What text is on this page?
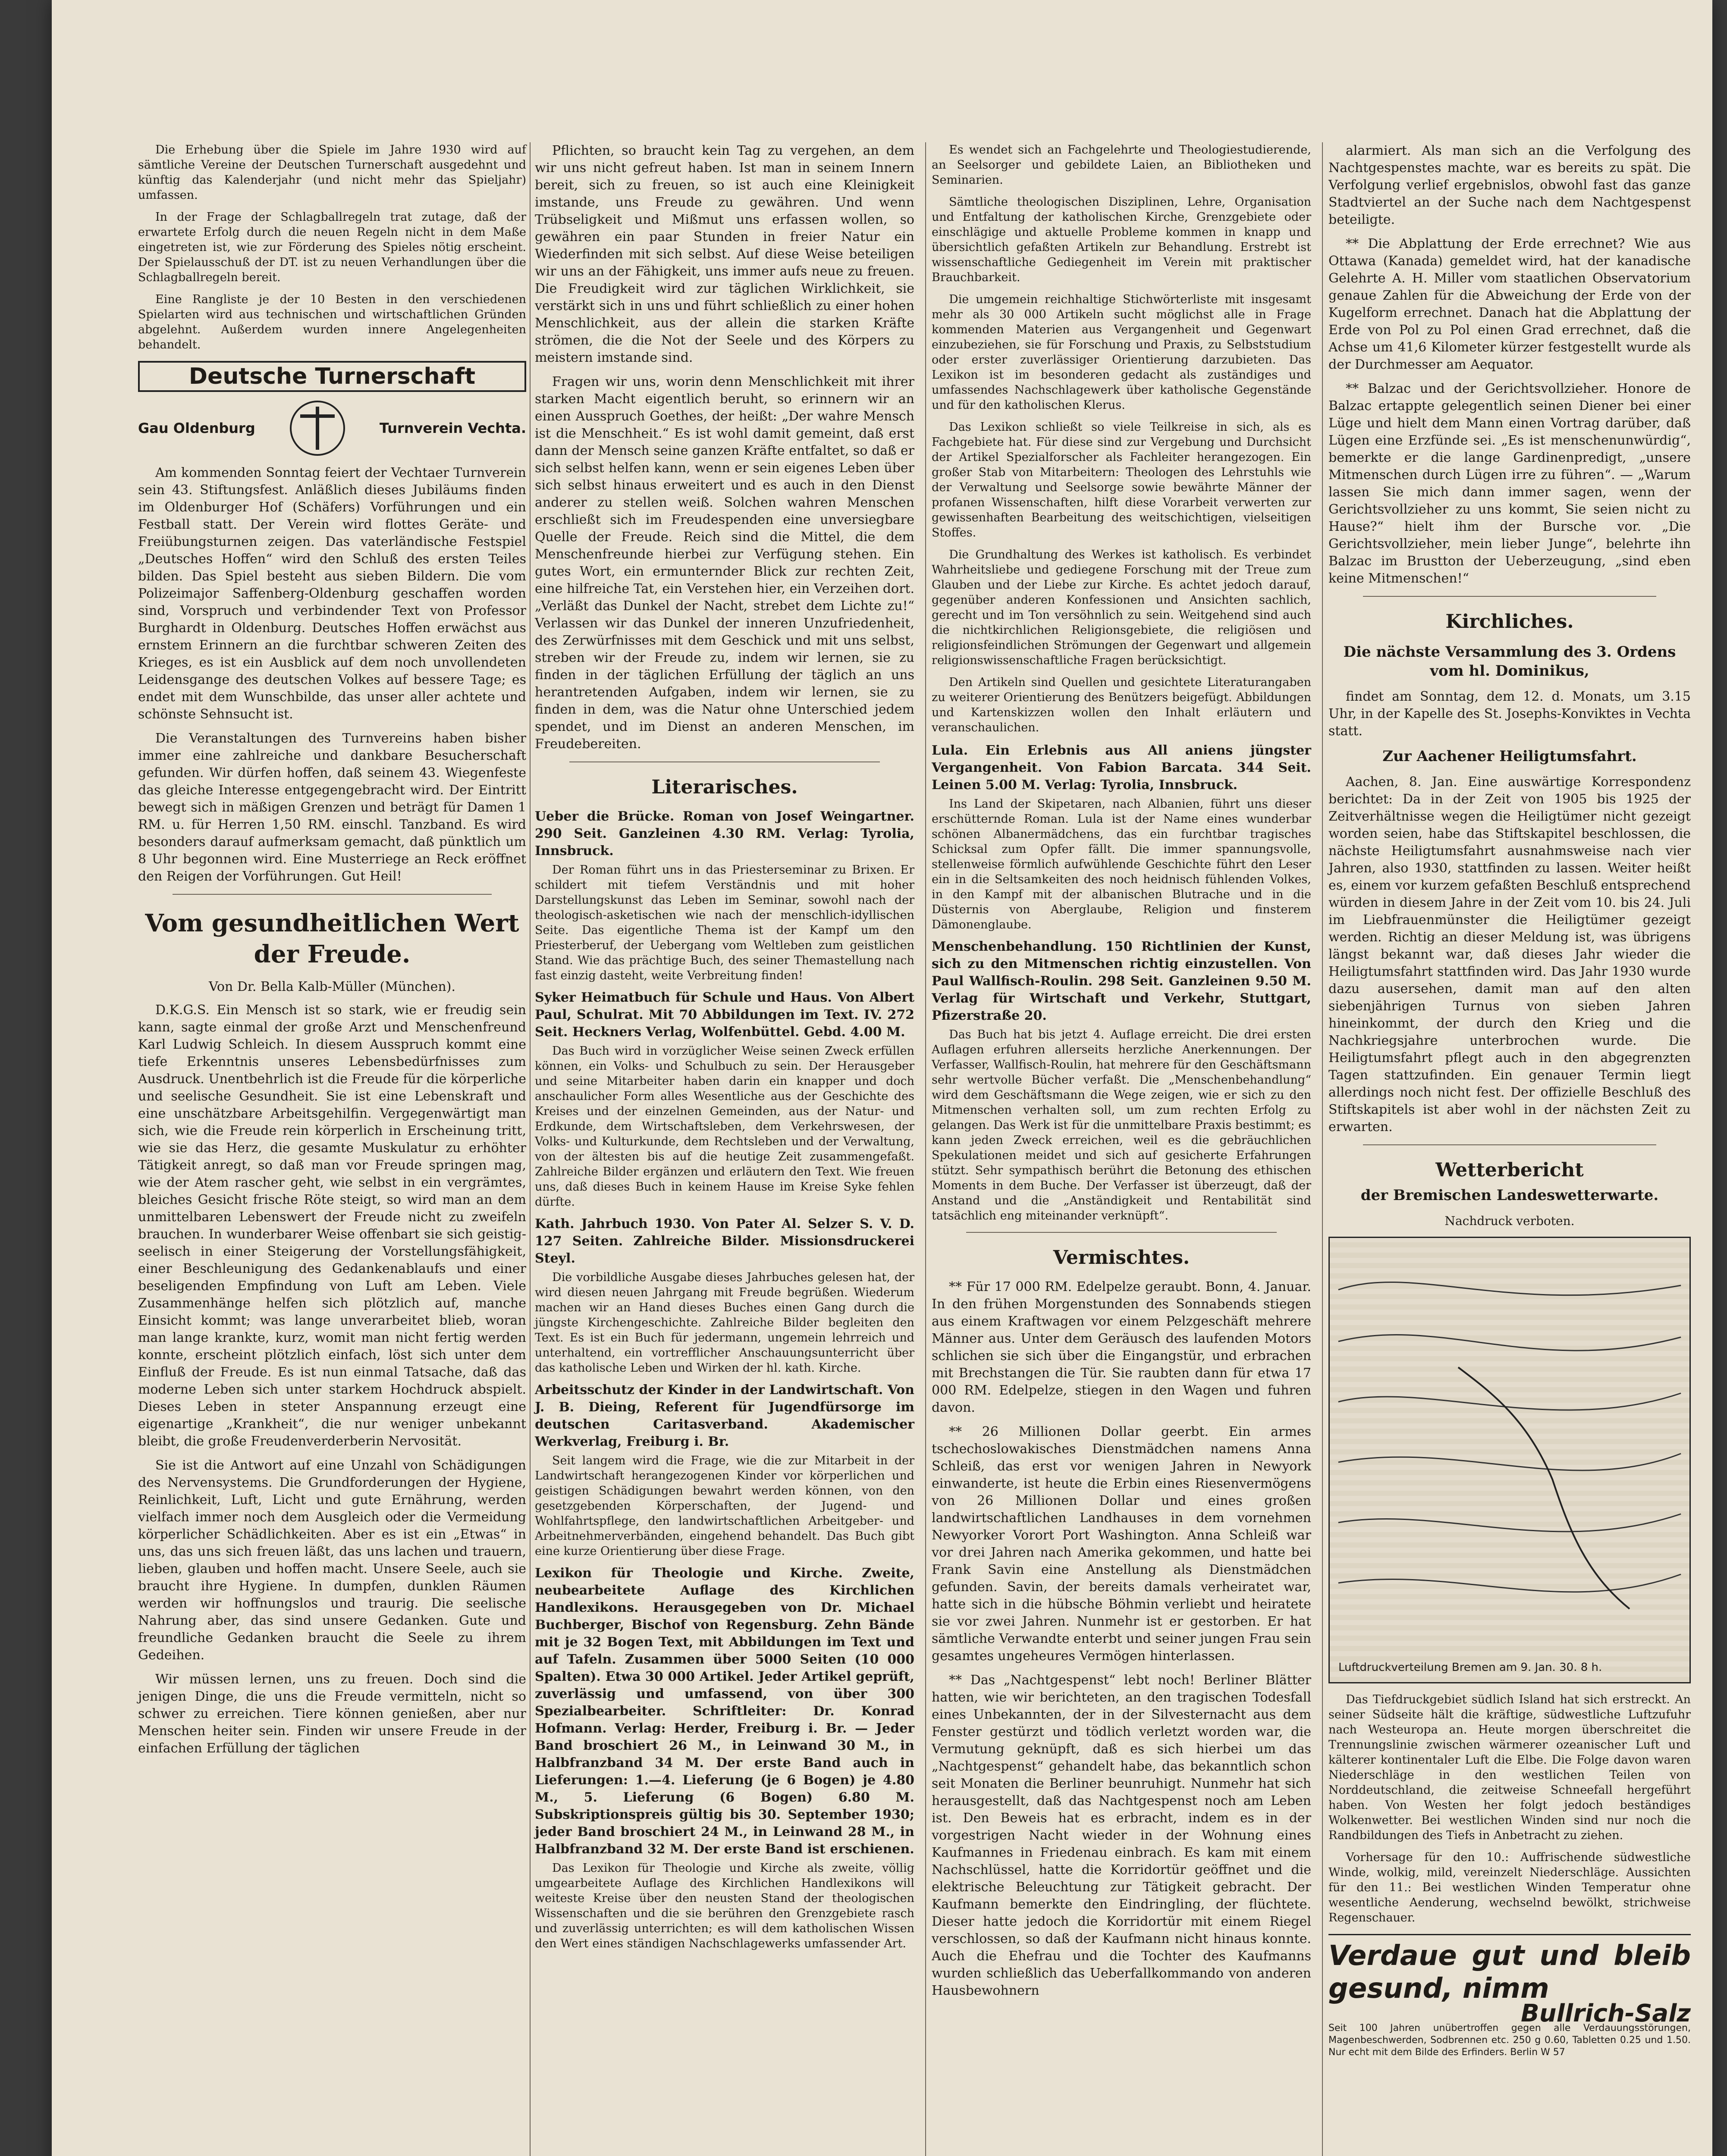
Die Erhebung über die Spiele im Jahre 1930 wird auf sämtliche Vereine der Deutschen Turnerschaft ausgedehnt und künftig das Kalenderjahr (und nicht mehr das Spieljahr) umfassen.

In der Frage der Schlagballregeln trat zutage, daß der erwartete Erfolg durch die neuen Regeln nicht in dem Maße eingetreten ist, wie zur Förderung des Spieles nötig erscheint. Der Spielausschuß der DT. ist zu neuen Verhandlungen über die Schlagballregeln bereit.

Eine Rangliste je der 10 Besten in den verschiedenen Spielarten wird aus technischen und wirtschaftlichen Gründen abgelehnt. Außerdem wurden innere Angelegenheiten behandelt.

Deutsche Turnerschaft
Gau Oldenburg	Turnverein Vechta.

Am kommenden Sonntag feiert der Vechtaer Turnverein sein 43. Stiftungsfest. Anläßlich dieses Jubiläums finden im Oldenburger Hof (Schäfers) Vorführungen und ein Festball statt. Der Verein wird flottes Geräte- und Freiübungsturnen zeigen. Das vaterländische Festspiel „Deutsches Hoffen“ wird den Schluß des ersten Teiles bilden. Das Spiel besteht aus sieben Bildern. Die vom Polizeimajor Saffenberg-Oldenburg geschaffen worden sind, Vorspruch und verbindender Text von Professor Burghardt in Oldenburg. Deutsches Hoffen erwächst aus ernstem Erinnern an die furchtbar schweren Zeiten des Krieges, es ist ein Ausblick auf dem noch unvollendeten Leidensgange des deutschen Volkes auf bessere Tage; es endet mit dem Wunschbilde, das unser aller achtete und schönste Sehnsucht ist.

Die Veranstaltungen des Turnvereins haben bisher immer eine zahlreiche und dankbare Besucherschaft gefunden. Wir dürfen hoffen, daß seinem 43. Wiegenfeste das gleiche Interesse entgegengebracht wird. Der Eintritt bewegt sich in mäßigen Grenzen und beträgt für Damen 1 RM. u. für Herren 1,50 RM. einschl. Tanzband. Es wird besonders darauf aufmerksam gemacht, daß pünktlich um 8 Uhr begonnen wird. Eine Musterriege an Reck eröffnet den Reigen der Vorführungen. Gut Heil!

Vom gesundheitlichen Wert der Freude.
Von Dr. Bella Kalb-Müller (München).

D.K.G.S. Ein Mensch ist so stark, wie er freudig sein kann, sagte einmal der große Arzt und Menschenfreund Karl Ludwig Schleich. In diesem Ausspruch kommt eine tiefe Erkenntnis unseres Lebensbedürfnisses zum Ausdruck. Unentbehrlich ist die Freude für die körperliche und seelische Gesundheit. Sie ist eine Lebenskraft und eine unschätzbare Arbeitsgehilfin. Vergegenwärtigt man sich, wie die Freude rein körperlich in Erscheinung tritt, wie sie das Herz, die gesamte Muskulatur zu erhöhter Tätigkeit anregt, so daß man vor Freude springen mag, wie der Atem rascher geht, wie selbst in ein vergrämtes, bleiches Gesicht frische Röte steigt, so wird man an dem unmittelbaren Lebenswert der Freude nicht zu zweifeln brauchen. In wunderbarer Weise offenbart sie sich geistig-seelisch in einer Steigerung der Vorstellungsfähigkeit, einer Beschleunigung des Gedankenablaufs und einer beseligenden Empfindung von Luft am Leben. Viele Zusammenhänge helfen sich plötzlich auf, manche Einsicht kommt; was lange unverarbeitet blieb, woran man lange krankte, kurz, womit man nicht fertig werden konnte, erscheint plötzlich einfach, löst sich unter dem Einfluß der Freude. Es ist nun einmal Tatsache, daß das moderne Leben sich unter starkem Hochdruck abspielt. Dieses Leben in steter Anspannung erzeugt eine eigenartige „Krankheit“, die nur weniger unbekannt bleibt, die große Freudenverderberin Nervosität.

Sie ist die Antwort auf eine Unzahl von Schädigungen des Nervensystems. Die Grundforderungen der Hygiene, Reinlichkeit, Luft, Licht und gute Ernährung, werden vielfach immer noch dem Ausgleich oder die Vermeidung körperlicher Schädlichkeiten. Aber es ist ein „Etwas“ in uns, das uns sich freuen läßt, das uns lachen und trauern, lieben, glauben und hoffen macht. Unsere Seele, auch sie braucht ihre Hygiene. In dumpfen, dunklen Räumen werden wir hoffnungslos und traurig. Die seelische Nahrung aber, das sind unsere Gedanken. Gute und freundliche Gedanken braucht die Seele zu ihrem Gedeihen.

Wir müssen lernen, uns zu freuen. Doch sind die jenigen Dinge, die uns die Freude vermitteln, nicht so schwer zu erreichen. Tiere können genießen, aber nur Menschen heiter sein. Finden wir unsere Freude in der einfachen Erfüllung der täglichen

Pflichten, so braucht kein Tag zu vergehen, an dem wir uns nicht gefreut haben. Ist man in seinem Innern bereit, sich zu freuen, so ist auch eine Kleinigkeit imstande, uns Freude zu gewähren. Und wenn Trübseligkeit und Mißmut uns erfassen wollen, so gewähren ein paar Stunden in freier Natur ein Wiederfinden mit sich selbst. Auf diese Weise beteiligen wir uns an der Fähigkeit, uns immer aufs neue zu freuen. Die Freudigkeit wird zur täglichen Wirklichkeit, sie verstärkt sich in uns und führt schließlich zu einer hohen Menschlichkeit, aus der allein die starken Kräfte strömen, die die Not der Seele und des Körpers zu meistern imstande sind.

Fragen wir uns, worin denn Menschlichkeit mit ihrer starken Macht eigentlich beruht, so erinnern wir an einen Ausspruch Goethes, der heißt: „Der wahre Mensch ist die Menschheit.“ Es ist wohl damit gemeint, daß erst dann der Mensch seine ganzen Kräfte entfaltet, so daß er sich selbst helfen kann, wenn er sein eigenes Leben über sich selbst hinaus erweitert und es auch in den Dienst anderer zu stellen weiß. Solchen wahren Menschen erschließt sich im Freudespenden eine unversiegbare Quelle der Freude. Reich sind die Mittel, die dem Menschenfreunde hierbei zur Verfügung stehen. Ein gutes Wort, ein ermunternder Blick zur rechten Zeit, eine hilfreiche Tat, ein Verstehen hier, ein Verzeihen dort. „Verläßt das Dunkel der Nacht, strebet dem Lichte zu!“ Verlassen wir das Dunkel der inneren Unzufriedenheit, des Zerwürfnisses mit dem Geschick und mit uns selbst, streben wir der Freude zu, indem wir lernen, sie zu finden in der täglichen Erfüllung der täglich an uns herantretenden Aufgaben, indem wir lernen, sie zu finden in dem, was die Natur ohne Unterschied jedem spendet, und im Dienst an anderen Menschen, im Freudebereiten.

Literarisches.
Ueber die Brücke. Roman von Josef Weingartner. 290 Seit. Ganzleinen 4.30 RM. Verlag: Tyrolia, Innsbruck.
Der Roman führt uns in das Priesterseminar zu Brixen. Er schildert mit tiefem Verständnis und mit hoher Darstellungskunst das Leben im Seminar, sowohl nach der theologisch-asketischen wie nach der menschlich-idyllischen Seite. Das eigentliche Thema ist der Kampf um den Priesterberuf, der Uebergang vom Weltleben zum geistlichen Stand. Wie das prächtige Buch, des seiner Themastellung nach fast einzig dasteht, weite Verbreitung finden!
Syker Heimatbuch für Schule und Haus. Von Albert Paul, Schulrat. Mit 70 Abbildungen im Text. IV. 272 Seit. Heckners Verlag, Wolfenbüttel. Gebd. 4.00 M.
Das Buch wird in vorzüglicher Weise seinen Zweck erfüllen können, ein Volks- und Schulbuch zu sein. Der Herausgeber und seine Mitarbeiter haben darin ein knapper und doch anschaulicher Form alles Wesentliche aus der Geschichte des Kreises und der einzelnen Gemeinden, aus der Natur- und Erdkunde, dem Wirtschaftsleben, dem Verkehrswesen, der Volks- und Kulturkunde, dem Rechtsleben und der Verwaltung, von der ältesten bis auf die heutige Zeit zusammengefaßt. Zahlreiche Bilder ergänzen und erläutern den Text. Wie freuen uns, daß dieses Buch in keinem Hause im Kreise Syke fehlen dürfte.
Kath. Jahrbuch 1930. Von Pater Al. Selzer S. V. D. 127 Seiten. Zahlreiche Bilder. Missionsdruckerei Steyl.
Die vorbildliche Ausgabe dieses Jahrbuches gelesen hat, der wird diesen neuen Jahrgang mit Freude begrüßen. Wiederum machen wir an Hand dieses Buches einen Gang durch die jüngste Kirchengeschichte. Zahlreiche Bilder begleiten den Text. Es ist ein Buch für jedermann, ungemein lehrreich und unterhaltend, ein vortrefflicher Anschauungsunterricht über das katholische Leben und Wirken der hl. kath. Kirche.
Arbeitsschutz der Kinder in der Landwirtschaft. Von J. B. Dieing, Referent für Jugendfürsorge im deutschen Caritasverband. Akademischer Werkverlag, Freiburg i. Br.
Seit langem wird die Frage, wie die zur Mitarbeit in der Landwirtschaft herangezogenen Kinder vor körperlichen und geistigen Schädigungen bewahrt werden können, von den gesetzgebenden Körperschaften, der Jugend- und Wohlfahrtspflege, den landwirtschaftlichen Arbeitgeber- und Arbeitnehmerverbänden, eingehend behandelt. Das Buch gibt eine kurze Orientierung über diese Frage.
Lexikon für Theologie und Kirche. Zweite, neubearbeitete Auflage des Kirchlichen Handlexikons. Herausgegeben von Dr. Michael Buchberger, Bischof von Regensburg. Zehn Bände mit je 32 Bogen Text, mit Abbildungen im Text und auf Tafeln. Zusammen über 5000 Seiten (10 000 Spalten). Etwa 30 000 Artikel. Jeder Artikel geprüft, zuverlässig und umfassend, von über 300 Spezialbearbeiter. Schriftleiter: Dr. Konrad Hofmann. Verlag: Herder, Freiburg i. Br. — Jeder Band broschiert 26 M., in Leinwand 30 M., in Halbfranzband 34 M. Der erste Band auch in Lieferungen: 1.—4. Lieferung (je 6 Bogen) je 4.80 M., 5. Lieferung (6 Bogen) 6.80 M. Subskriptionspreis gültig bis 30. September 1930; jeder Band broschiert 24 M., in Leinwand 28 M., in Halbfranzband 32 M. Der erste Band ist erschienen.
Das Lexikon für Theologie und Kirche als zweite, völlig umgearbeitete Auflage des Kirchlichen Handlexikons will weiteste Kreise über den neusten Stand der theologischen Wissenschaften und die sie berühren den Grenzgebiete rasch und zuverlässig unterrichten; es will dem katholischen Wissen den Wert eines ständigen Nachschlagewerks umfassender Art.

Es wendet sich an Fachgelehrte und Theologiestudierende, an Seelsorger und gebildete Laien, an Bibliotheken und Seminarien.

Sämtliche theologischen Disziplinen, Lehre, Organisation und Entfaltung der katholischen Kirche, Grenzgebiete oder einschlägige und aktuelle Probleme kommen in knapp und übersichtlich gefaßten Artikeln zur Behandlung. Erstrebt ist wissenschaftliche Gediegenheit im Verein mit praktischer Brauchbarkeit.

Die umgemein reichhaltige Stichwörterliste mit insgesamt mehr als 30 000 Artikeln sucht möglichst alle in Frage kommenden Materien aus Vergangenheit und Gegenwart einzubeziehen, sie für Forschung und Praxis, zu Selbststudium oder erster zuverlässiger Orientierung darzubieten. Das Lexikon ist im besonderen gedacht als zuständiges und umfassendes Nachschlagewerk über katholische Gegenstände und für den katholischen Klerus.

Das Lexikon schließt so viele Teilkreise in sich, als es Fachgebiete hat. Für diese sind zur Vergebung und Durchsicht der Artikel Spezialforscher als Fachleiter herangezogen. Ein großer Stab von Mitarbeitern: Theologen des Lehrstuhls wie der Verwaltung und Seelsorge sowie bewährte Männer der profanen Wissenschaften, hilft diese Vorarbeit verwerten zur gewissenhaften Bearbeitung des weitschichtigen, vielseitigen Stoffes.

Die Grundhaltung des Werkes ist katholisch. Es verbindet Wahrheitsliebe und gediegene Forschung mit der Treue zum Glauben und der Liebe zur Kirche. Es achtet jedoch darauf, gegenüber anderen Konfessionen und Ansichten sachlich, gerecht und im Ton versöhnlich zu sein. Weitgehend sind auch die nichtkirchlichen Religionsgebiete, die religiösen und religionsfeindlichen Strömungen der Gegenwart und allgemein religionswissenschaftliche Fragen berücksichtigt.

Den Artikeln sind Quellen und gesichtete Literaturangaben zu weiterer Orientierung des Benützers beigefügt. Abbildungen und Kartenskizzen wollen den Inhalt erläutern und veranschaulichen.

Lula. Ein Erlebnis aus All aniens jüngster Vergangenheit. Von Fabion Barcata. 344 Seit. Leinen 5.00 M. Verlag: Tyrolia, Innsbruck.
Ins Land der Skipetaren, nach Albanien, führt uns dieser erschütternde Roman. Lula ist der Name eines wunderbar schönen Albanermädchens, das ein furchtbar tragisches Schicksal zum Opfer fällt. Die immer spannungsvolle, stellenweise förmlich aufwühlende Geschichte führt den Leser ein in die Seltsamkeiten des noch heidnisch fühlenden Volkes, in den Kampf mit der albanischen Blutrache und in die Düsternis von Aberglaube, Religion und finsterem Dämonenglaube.
Menschenbehandlung. 150 Richtlinien der Kunst, sich zu den Mitmenschen richtig einzustellen. Von Paul Wallfisch-Roulin. 298 Seit. Ganzleinen 9.50 M. Verlag für Wirtschaft und Verkehr, Stuttgart, Pfizerstraße 20.
Das Buch hat bis jetzt 4. Auflage erreicht. Die drei ersten Auflagen erfuhren allerseits herzliche Anerkennungen. Der Verfasser, Wallfisch-Roulin, hat mehrere für den Geschäftsmann sehr wertvolle Bücher verfaßt. Die „Menschenbehandlung“ wird dem Geschäftsmann die Wege zeigen, wie er sich zu den Mitmenschen verhalten soll, um zum rechten Erfolg zu gelangen. Das Werk ist für die unmittelbare Praxis bestimmt; es kann jeden Zweck erreichen, weil es die gebräuchlichen Spekulationen meidet und sich auf gesicherte Erfahrungen stützt. Sehr sympathisch berührt die Betonung des ethischen Moments in dem Buche. Der Verfasser ist überzeugt, daß der Anstand und die „Anständigkeit und Rentabilität sind tatsächlich eng miteinander verknüpft“.
Vermischtes.

** Für 17 000 RM. Edelpelze geraubt. Bonn, 4. Januar. In den frühen Morgenstunden des Sonnabends stiegen aus einem Kraftwagen vor einem Pelzgeschäft mehrere Männer aus. Unter dem Geräusch des laufenden Motors schlichen sie sich über die Eingangstür, und erbrachen mit Brechstangen die Tür. Sie raubten dann für etwa 17 000 RM. Edelpelze, stiegen in den Wagen und fuhren davon.

** 26 Millionen Dollar geerbt. Ein armes tschechoslowakisches Dienstmädchen namens Anna Schleiß, das erst vor wenigen Jahren in Newyork einwanderte, ist heute die Erbin eines Riesenvermögens von 26 Millionen Dollar und eines großen landwirtschaftlichen Landhauses in dem vornehmen Newyorker Vorort Port Washington. Anna Schleiß war vor drei Jahren nach Amerika gekommen, und hatte bei Frank Savin eine Anstellung als Dienstmädchen gefunden. Savin, der bereits damals verheiratet war, hatte sich in die hübsche Böhmin verliebt und heiratete sie vor zwei Jahren. Nunmehr ist er gestorben. Er hat sämtliche Verwandte enterbt und seiner jungen Frau sein gesamtes ungeheures Vermögen hinterlassen.

** Das „Nachtgespenst“ lebt noch! Berliner Blätter hatten, wie wir berichteten, an den tragischen Todesfall eines Unbekannten, der in der Silvesternacht aus dem Fenster gestürzt und tödlich verletzt worden war, die Vermutung geknüpft, daß es sich hierbei um das „Nachtgespenst“ gehandelt habe, das bekanntlich schon seit Monaten die Berliner beunruhigt. Nunmehr hat sich herausgestellt, daß das Nachtgespenst noch am Leben ist. Den Beweis hat es erbracht, indem es in der vorgestrigen Nacht wieder in der Wohnung eines Kaufmannes in Friedenau einbrach. Es kam mit einem Nachschlüssel, hatte die Korridortür geöffnet und die elektrische Beleuchtung zur Tätigkeit gebracht. Der Kaufmann bemerkte den Eindringling, der flüchtete. Dieser hatte jedoch die Korridortür mit einem Riegel verschlossen, so daß der Kaufmann nicht hinaus konnte. Auch die Ehefrau und die Tochter des Kaufmanns wurden schließlich das Ueberfallkommando von anderen Hausbewohnern

alarmiert. Als man sich an die Verfolgung des Nachtgespenstes machte, war es bereits zu spät. Die Verfolgung verlief ergebnislos, obwohl fast das ganze Stadtviertel an der Suche nach dem Nachtgespenst beteiligte.

** Die Abplattung der Erde errechnet? Wie aus Ottawa (Kanada) gemeldet wird, hat der kanadische Gelehrte A. H. Miller vom staatlichen Observatorium genaue Zahlen für die Abweichung der Erde von der Kugelform errechnet. Danach hat die Abplattung der Erde von Pol zu Pol einen Grad errechnet, daß die Achse um 41,6 Kilometer kürzer festgestellt wurde als der Durchmesser am Aequator.

** Balzac und der Gerichtsvollzieher. Honore de Balzac ertappte gelegentlich seinen Diener bei einer Lüge und hielt dem Mann einen Vortrag darüber, daß Lügen eine Erzfünde sei. „Es ist menschenunwürdig“, bemerkte er die lange Gardinenpredigt, „unsere Mitmenschen durch Lügen irre zu führen“. — „Warum lassen Sie mich dann immer sagen, wenn der Gerichtsvollzieher zu uns kommt, Sie seien nicht zu Hause?“ hielt ihm der Bursche vor. „Die Gerichtsvollzieher, mein lieber Junge“, belehrte ihn Balzac im Brustton der Ueberzeugung, „sind eben keine Mitmenschen!“

Kirchliches.
Die nächste Versammlung des 3. Ordens vom hl. Dominikus,

findet am Sonntag, dem 12. d. Monats, um 3.15 Uhr, in der Kapelle des St. Josephs-Konviktes in Vechta statt.

Zur Aachener Heiligtumsfahrt.

Aachen, 8. Jan. Eine auswärtige Korrespondenz berichtet: Da in der Zeit von 1905 bis 1925 der Zeitverhältnisse wegen die Heiligtümer nicht gezeigt worden seien, habe das Stiftskapitel beschlossen, die nächste Heiligtumsfahrt ausnahmsweise nach vier Jahren, also 1930, stattfinden zu lassen. Weiter heißt es, einem vor kurzem gefaßten Beschluß entsprechend würden in diesem Jahre in der Zeit vom 10. bis 24. Juli im Liebfrauenmünster die Heiligtümer gezeigt werden. Richtig an dieser Meldung ist, was übrigens längst bekannt war, daß dieses Jahr wieder die Heiligtumsfahrt stattfinden wird. Das Jahr 1930 wurde dazu ausersehen, damit man auf den alten siebenjährigen Turnus von sieben Jahren hineinkommt, der durch den Krieg und die Nachkriegsjahre unterbrochen wurde. Die Heiligtumsfahrt pflegt auch in den abgegrenzten Tagen stattzufinden. Ein genauer Termin liegt allerdings noch nicht fest. Der offizielle Beschluß des Stiftskapitels ist aber wohl in der nächsten Zeit zu erwarten.

Wetterbericht
der Bremischen Landeswetterwarte.
Nachdruck verboten.
Luftdruckverteilung Bremen am 9. Jan. 30. 8 h.

Das Tiefdruckgebiet südlich Island hat sich erstreckt. An seiner Südseite hält die kräftige, südwestliche Luftzufuhr nach Westeuropa an. Heute morgen überschreitet die Trennungslinie zwischen wärmerer ozeanischer Luft und kälterer kontinentaler Luft die Elbe. Die Folge davon waren Niederschläge in den westlichen Teilen von Norddeutschland, die zeitweise Schneefall hergeführt haben. Von Westen her folgt jedoch beständiges Wolkenwetter. Bei westlichen Winden sind nur noch die Randbildungen des Tiefs in Anbetracht zu ziehen.

Vorhersage für den 10.: Auffrischende südwestliche Winde, wolkig, mild, vereinzelt Niederschläge. Aussichten für den 11.: Bei westlichen Winden Temperatur ohne wesentliche Aenderung, wechselnd bewölkt, strichweise Regenschauer.

Verdaue gut und bleib gesund, nimm
Bullrich-Salz
Seit 100 Jahren unübertroffen gegen alle Verdauungsstörungen, Magenbeschwerden, Sodbrennen etc. 250 g 0.60, Tabletten 0.25 und 1.50. Nur echt mit dem Bilde des Erfinders. Berlin W 57
